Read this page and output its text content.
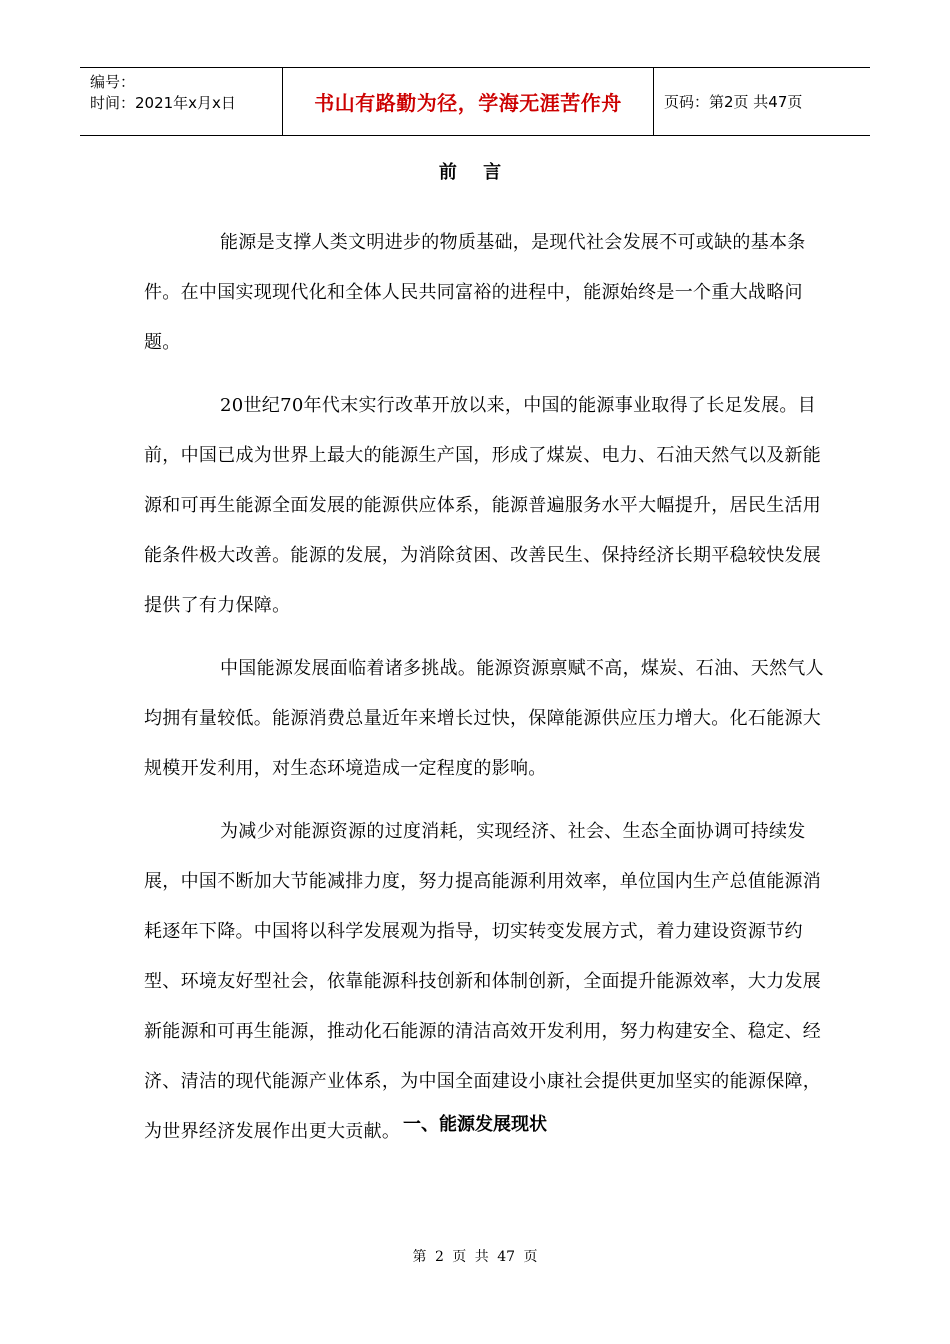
编号：
时间：2021年x月x日	书山有路勤为径，学海无涯苦作舟	页码：第2页 共47页
前 言

能源是支撑人类文明进步的物质基础，是现代社会发展不可或缺的基本条件。在中国实现现代化和全体人民共同富裕的进程中，能源始终是一个重大战略问题。

20世纪70年代末实行改革开放以来，中国的能源事业取得了长足发展。目前，中国已成为世界上最大的能源生产国，形成了煤炭、电力、石油天然气以及新能源和可再生能源全面发展的能源供应体系，能源普遍服务水平大幅提升，居民生活用能条件极大改善。能源的发展，为消除贫困、改善民生、保持经济长期平稳较快发展提供了有力保障。

中国能源发展面临着诸多挑战。能源资源禀赋不高，煤炭、石油、天然气人均拥有量较低。能源消费总量近年来增长过快，保障能源供应压力增大。化石能源大规模开发利用，对生态环境造成一定程度的影响。

为减少对能源资源的过度消耗，实现经济、社会、生态全面协调可持续发展，中国不断加大节能减排力度，努力提高能源利用效率，单位国内生产总值能源消耗逐年下降。中国将以科学发展观为指导，切实转变发展方式，着力建设资源节约型、环境友好型社会，依靠能源科技创新和体制创新，全面提升能源效率，大力发展新能源和可再生能源，推动化石能源的清洁高效开发利用，努力构建安全、稳定、经济、清洁的现代能源产业体系，为中国全面建设小康社会提供更加坚实的能源保障，为世界经济发展作出更大贡献。 一、能源发展现状
第 2 页 共 47 页
